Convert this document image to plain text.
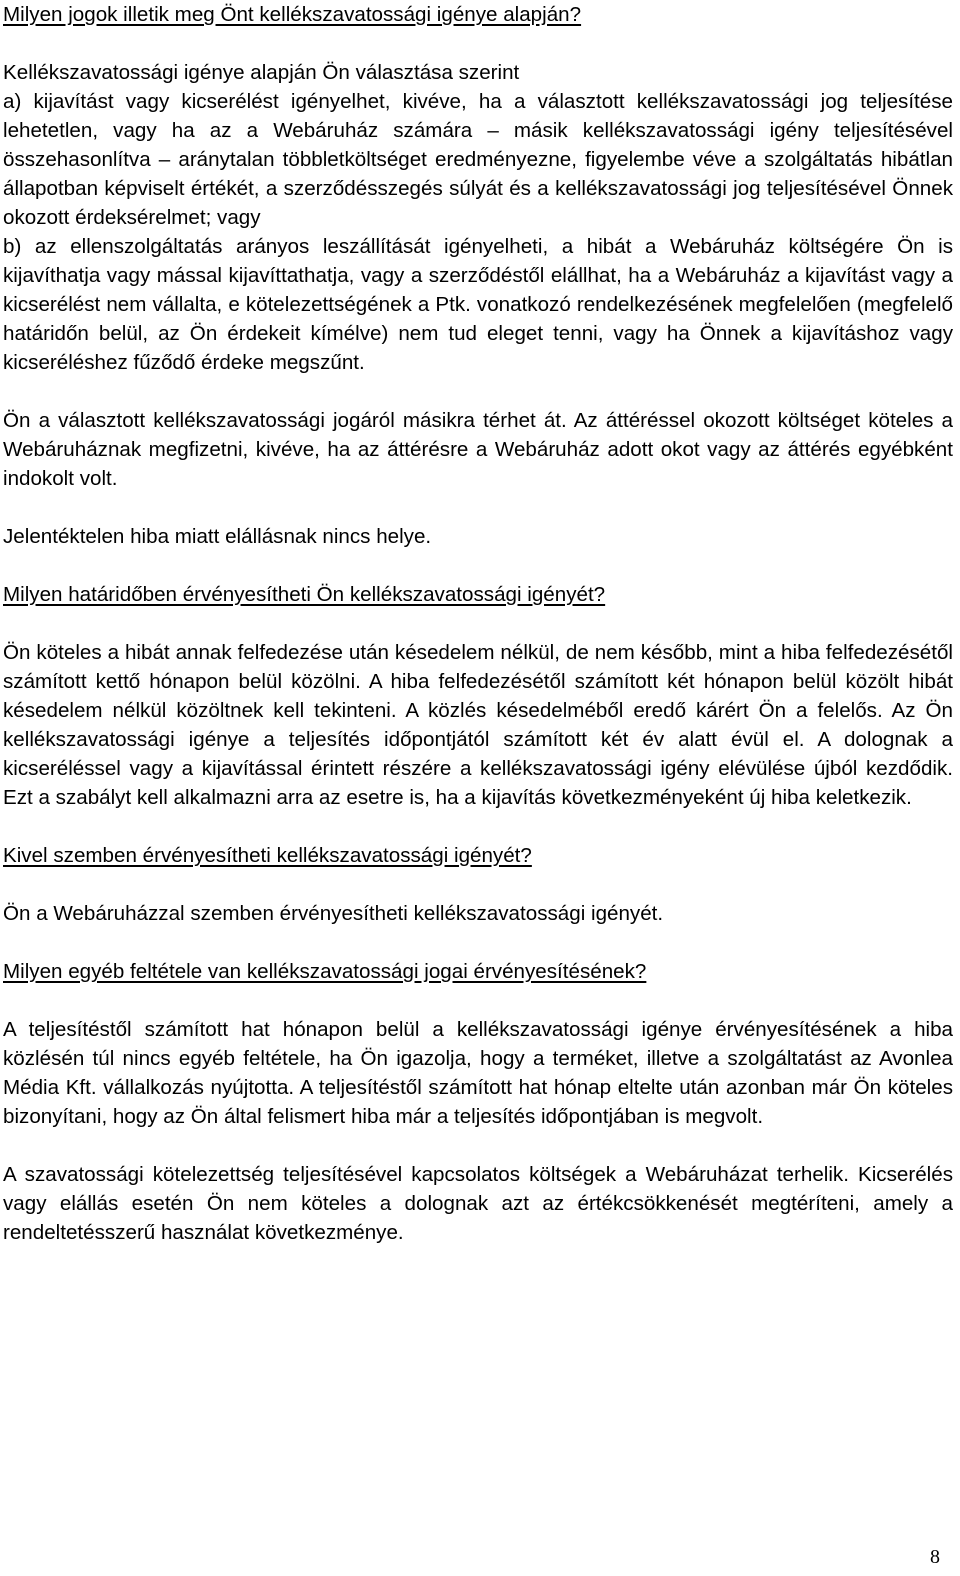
Milyen jogok illetik meg Önt kellékszavatossági igénye alapján?

Kellékszavatossági igénye alapján Ön választása szerint

a) kijavítást vagy kicserélést igényelhet, kivéve, ha a választott kellékszavatossági jog teljesítése lehetetlen, vagy ha az a Webáruház számára – másik kellékszavatossági igény teljesítésével összehasonlítva – aránytalan többletköltséget eredményezne, figyelembe véve a szolgáltatás hibátlan állapotban képviselt értékét, a szerződésszegés súlyát és a kellékszavatossági jog teljesítésével Önnek okozott érdeksérelmet; vagy

b) az ellenszolgáltatás arányos leszállítását igényelheti, a hibát a Webáruház költségére Ön is kijavíthatja vagy mással kijavíttathatja, vagy a szerződéstől elállhat, ha a Webáruház a kijavítást vagy a kicserélést nem vállalta, e kötelezettségének a Ptk. vonatkozó rendelkezésének megfelelően (megfelelő határidőn belül, az Ön érdekeit kímélve) nem tud eleget tenni, vagy ha Önnek a kijavításhoz vagy kicseréléshez fűződő érdeke megszűnt.

Ön a választott kellékszavatossági jogáról másikra térhet át. Az áttéréssel okozott költséget köteles a Webáruháznak megfizetni, kivéve, ha az áttérésre a Webáruház adott okot vagy az áttérés egyébként indokolt volt.

Jelentéktelen hiba miatt elállásnak nincs helye.

Milyen határidőben érvényesítheti Ön kellékszavatossági igényét?

Ön köteles a hibát annak felfedezése után késedelem nélkül, de nem később, mint a hiba felfedezésétől számított kettő hónapon belül közölni. A hiba felfedezésétől számított két hónapon belül közölt hibát késedelem nélkül közöltnek kell tekinteni. A közlés késedelméből eredő kárért Ön a felelős. Az Ön kellékszavatossági igénye a teljesítés időpontjától számított két év alatt évül el. A dolognak a kicseréléssel vagy a kijavítással érintett részére a kellékszavatossági igény elévülése újból kezdődik. Ezt a szabályt kell alkalmazni arra az esetre is, ha a kijavítás következményeként új hiba keletkezik.

Kivel szemben érvényesítheti kellékszavatossági igényét?

Ön a Webáruházzal szemben érvényesítheti kellékszavatossági igényét.

Milyen egyéb feltétele van kellékszavatossági jogai érvényesítésének?

A teljesítéstől számított hat hónapon belül a kellékszavatossági igénye érvényesítésének a hiba közlésén túl nincs egyéb feltétele, ha Ön igazolja, hogy a terméket, illetve a szolgáltatást az Avonlea Média Kft. vállalkozás nyújtotta. A teljesítéstől számított hat hónap eltelte után azonban már Ön köteles bizonyítani, hogy az Ön által felismert hiba már a teljesítés időpontjában is megvolt.

A szavatossági kötelezettség teljesítésével kapcsolatos költségek a Webáruházat terhelik. Kicserélés vagy elállás esetén Ön nem köteles a dolognak azt az értékcsökkenését megtéríteni, amely a rendeltetésszerű használat következménye.

8
